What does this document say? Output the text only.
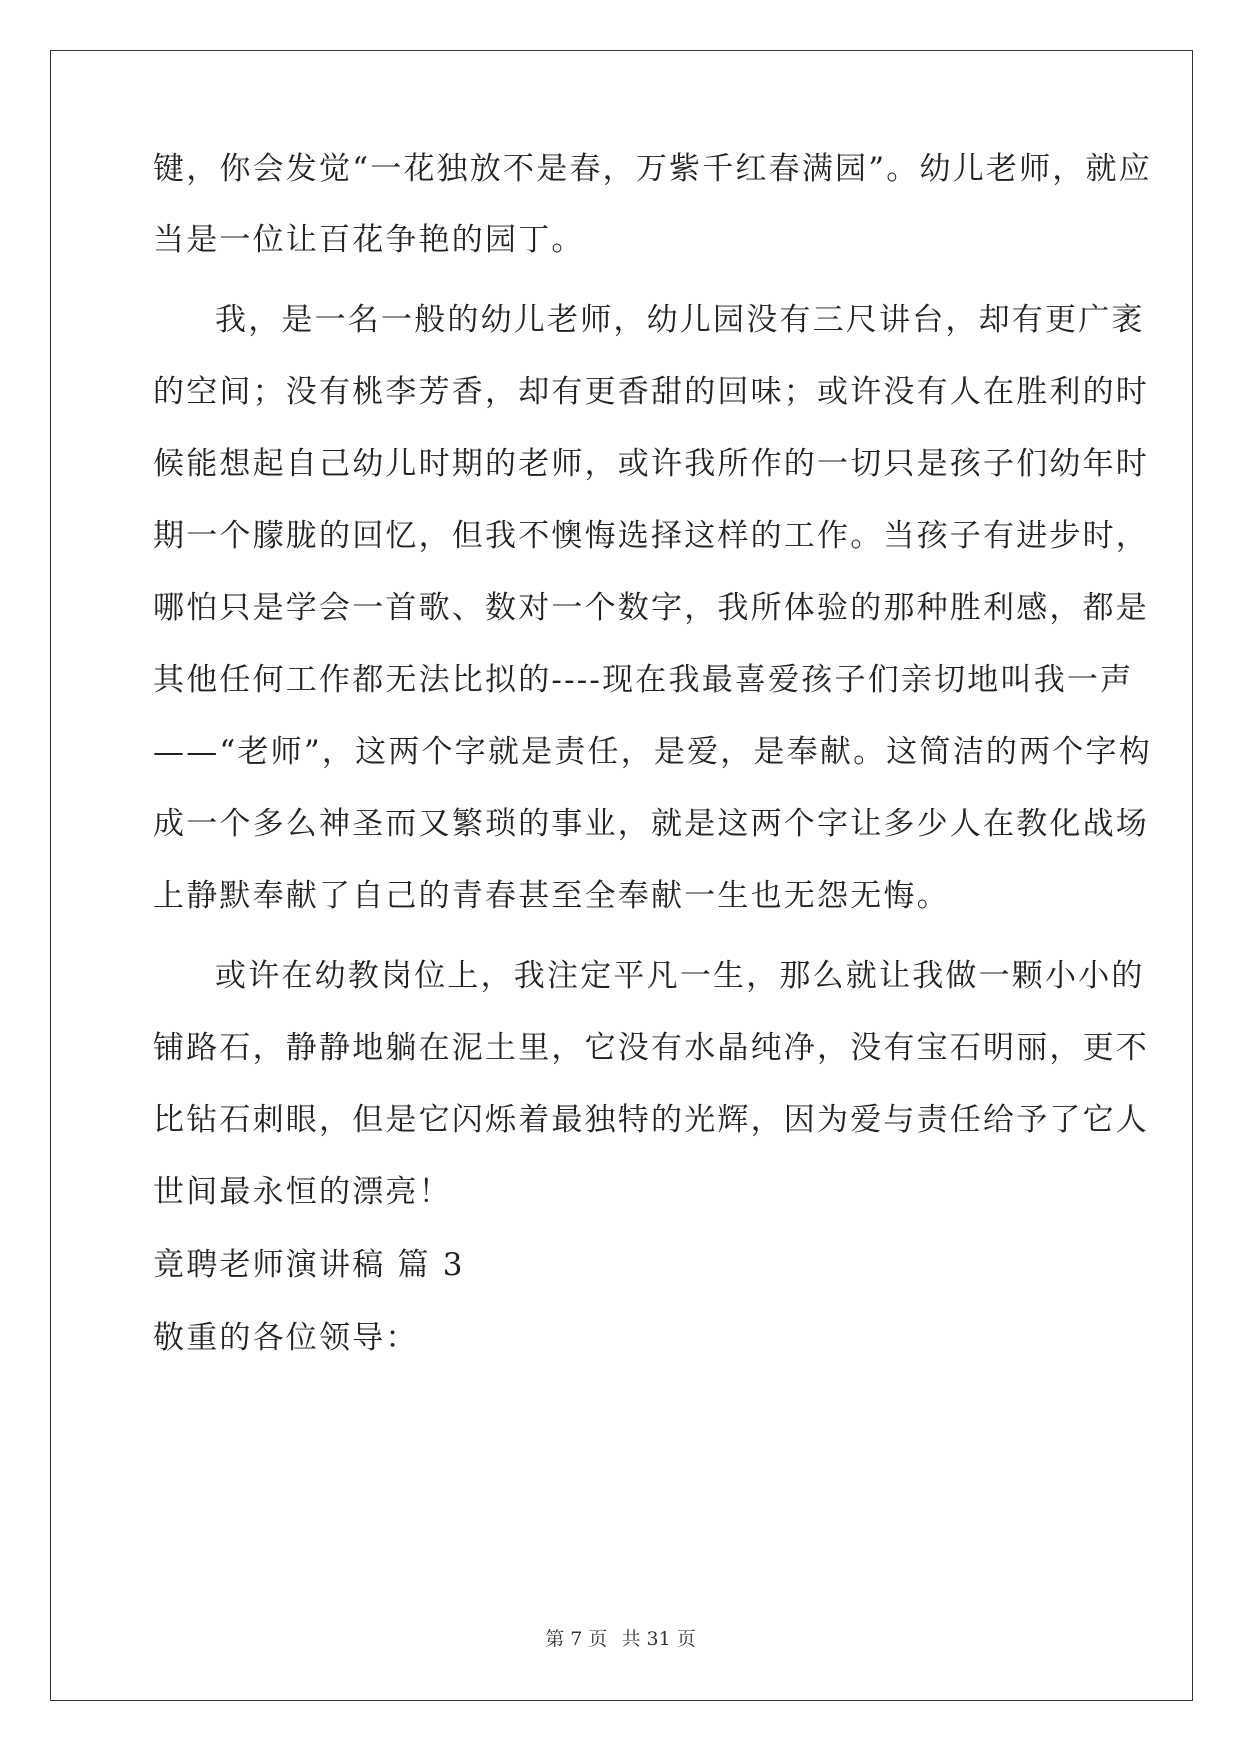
键，你会发觉“一花独放不是春，万紫千红春满园”。幼儿老师，就应
当是一位让百花争艳的园丁。
我，是一名一般的幼儿老师，幼儿园没有三尺讲台，却有更广袤
的空间；没有桃李芳香，却有更香甜的回味；或许没有人在胜利的时
候能想起自己幼儿时期的老师，或许我所作的一切只是孩子们幼年时
期一个朦胧的回忆，但我不懊悔选择这样的工作。当孩子有进步时，
哪怕只是学会一首歌、数对一个数字，我所体验的那种胜利感，都是
其他任何工作都无法比拟的----现在我最喜爱孩子们亲切地叫我一声
——“老师”，这两个字就是责任，是爱，是奉献。这简洁的两个字构
成一个多么神圣而又繁琐的事业，就是这两个字让多少人在教化战场
上静默奉献了自己的青春甚至全奉献一生也无怨无悔。
或许在幼教岗位上，我注定平凡一生，那么就让我做一颗小小的
铺路石，静静地躺在泥土里，它没有水晶纯净，没有宝石明丽，更不
比钻石刺眼，但是它闪烁着最独特的光辉，因为爱与责任给予了它人
世间最永恒的漂亮！
竟聘老师演讲稿 篇 3
敬重的各位领导：
第 7 页 共 31 页
